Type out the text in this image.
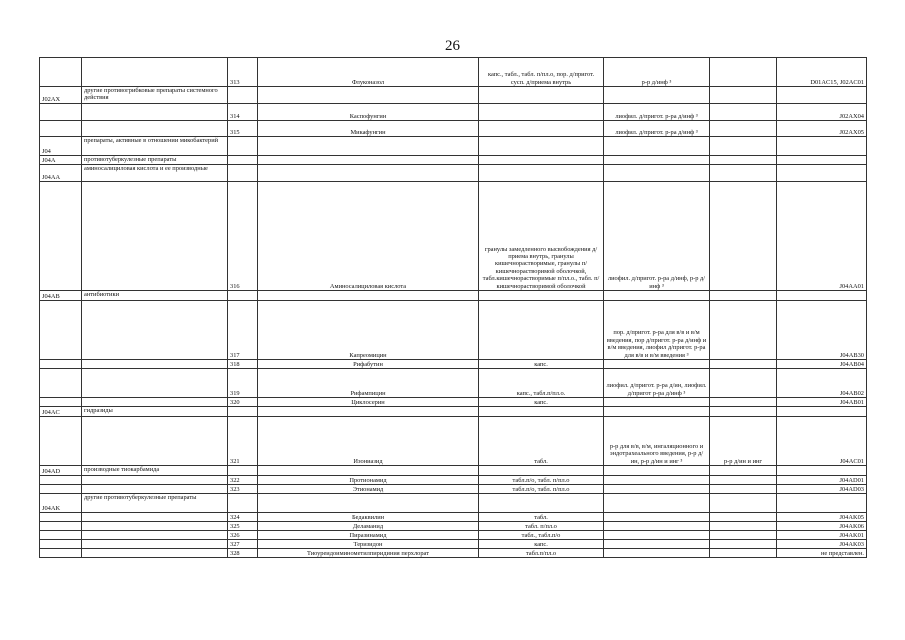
26
		313	Флуконазол	капс., табл., табл. п/пл.о, пор. д/пригот. сусп. д/приема внутрь	р-р д/инф ³		D01AC15, J02AC01
J02AX	другие противогрибковые препараты системного действия						
		314	Каспофунгин		лиофил. д/пригот. р-ра д/инф ³		J02AX04
		315	Микафунгин		лиофил. д/пригот. р-ра д/инф ³		J02AX05
J04	препараты, активные в отношении микобактерий						
J04A	противотуберкулезные препараты						
J04AA	аминосалициловая кислота и ее производные						
		316	Аминосалициловая кислота	гранулы замедленного высвобождения д/приема внутрь, гранулы кишечнорастворимые, гранулы п/кишечнорастворимой оболочкой, табл.кишечнорастворимые п/пл.о., табл. п/кишечнорастворимой оболочкой	лиофил. д/пригот. р-ра д/инф, р-р д/инф ³		J04AA01
J04AB	антибиотики						
		317	Капреомицин		пор. д/пригот. р-ра для в/в и в/м введения, пор д/пригот. р-ра д/инф и в/м введения, лиофил д/пригот. р-ра для в/в и в/м введения ³		J04AB30
		318	Рифабутин	капс.			J04AB04
		319	Рифампицин	капс., табл.п/пл.о.	лиофил. д/пригот. р-ра д/ин, лиофил. д/пригот р-ра д/инф ³		J04AB02
		320	Циклосерин	капс.			J04AB01
J04AC	гидразиды						
		321	Изониазид	табл.	р-р для в/в, в/м, ингаляционного и эндотрахеального введения, р-р д/ин, р-р д/ин и инг ³	р-р д/ин и инг	J04AC01
J04AD	производные тиокарбамида						
		322	Протионамид	табл.п/о, табл. п/пл.о			J04AD01
		323	Этионамид	табл.п/о, табл. п/пл.о			J04AD03
J04AK	другие противотуберкулезные препараты						
		324	Бедаквилин	табл.			J04AK05
		325	Деламанид	табл. п/пл.о			J04AK06
		326	Пиразинамид	табл., табл.п/о			J04AK01
		327	Теризидон	капс.			J04AK03
		328	Тиоуреидоиминометилпиридиния перхлорат	табл.п/пл.о			не представлен.
